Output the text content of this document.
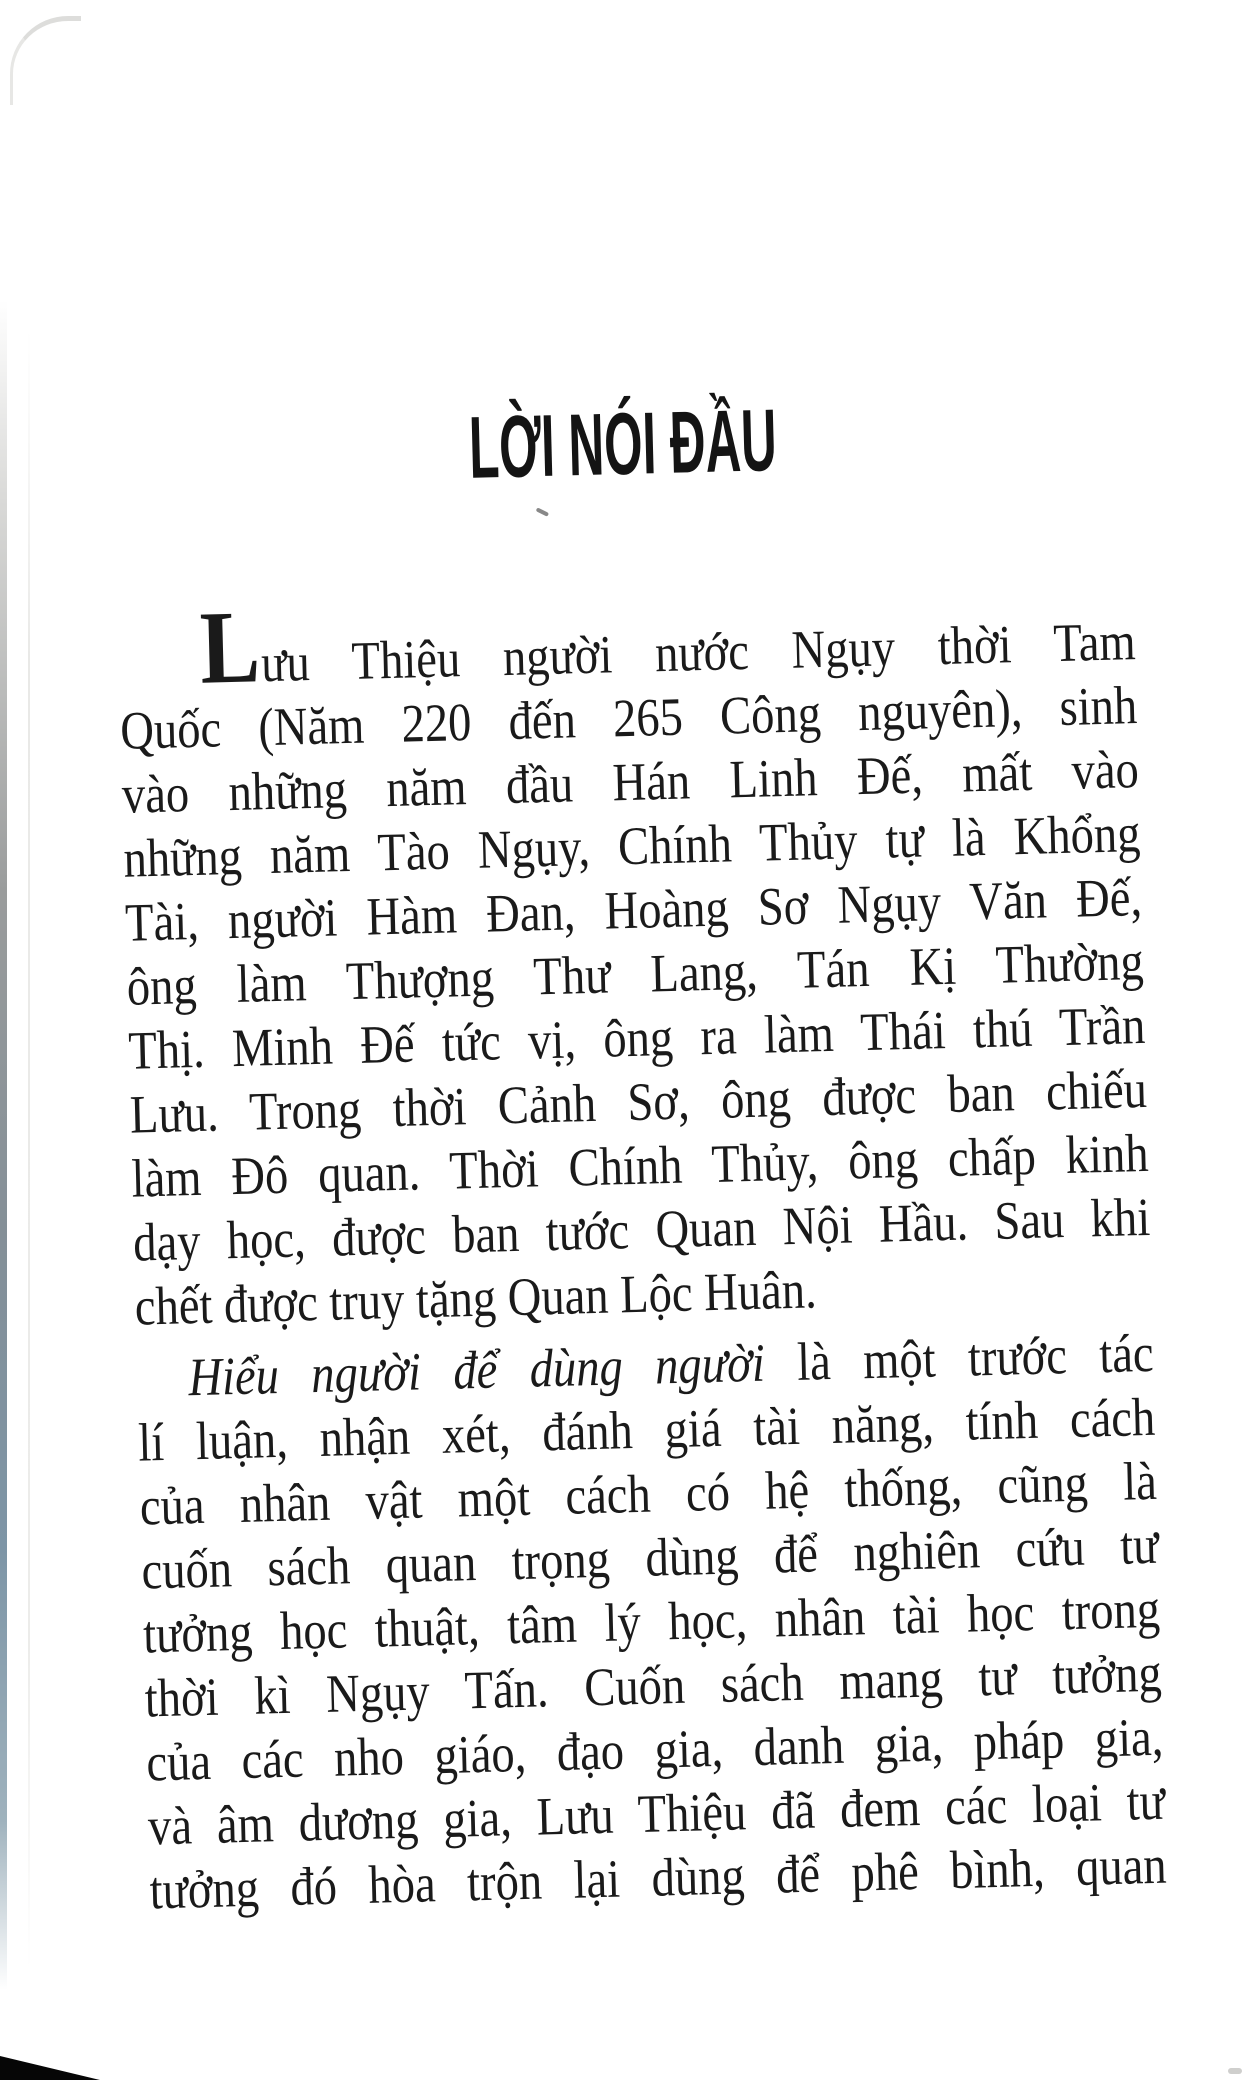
LỜI NÓI ĐẦU
Lưu Thiệu người nước Ngụy thời Tam
Quốc (Năm 220 đến 265 Công nguyên), sinh
vào những năm đầu Hán Linh Đế, mất vào
những năm Tào Ngụy, Chính Thủy tự là Khổng
Tài, người Hàm Đan, Hoàng Sơ Ngụy Văn Đế,
ông làm Thượng Thư Lang, Tán Kị Thường
Thị. Minh Đế tức vị, ông ra làm Thái thú Trần
Lưu. Trong thời Cảnh Sơ, ông được ban chiếu
làm Đô quan. Thời Chính Thủy, ông chấp kinh
dạy học, được ban tước Quan Nội Hầu. Sau khi
chết được truy tặng Quan Lộc Huân.
Hiểu người để dùng người là một trước tác
lí luận, nhận xét, đánh giá tài năng, tính cách
của nhân vật một cách có hệ thống, cũng là
cuốn sách quan trọng dùng để nghiên cứu tư
tưởng học thuật, tâm lý học, nhân tài học trong
thời kì Ngụy Tấn. Cuốn sách mang tư tưởng
của các nho giáo, đạo gia, danh gia, pháp gia,
và âm dương gia, Lưu Thiệu đã đem các loại tư
tưởng đó hòa trộn lại dùng để phê bình, quan
